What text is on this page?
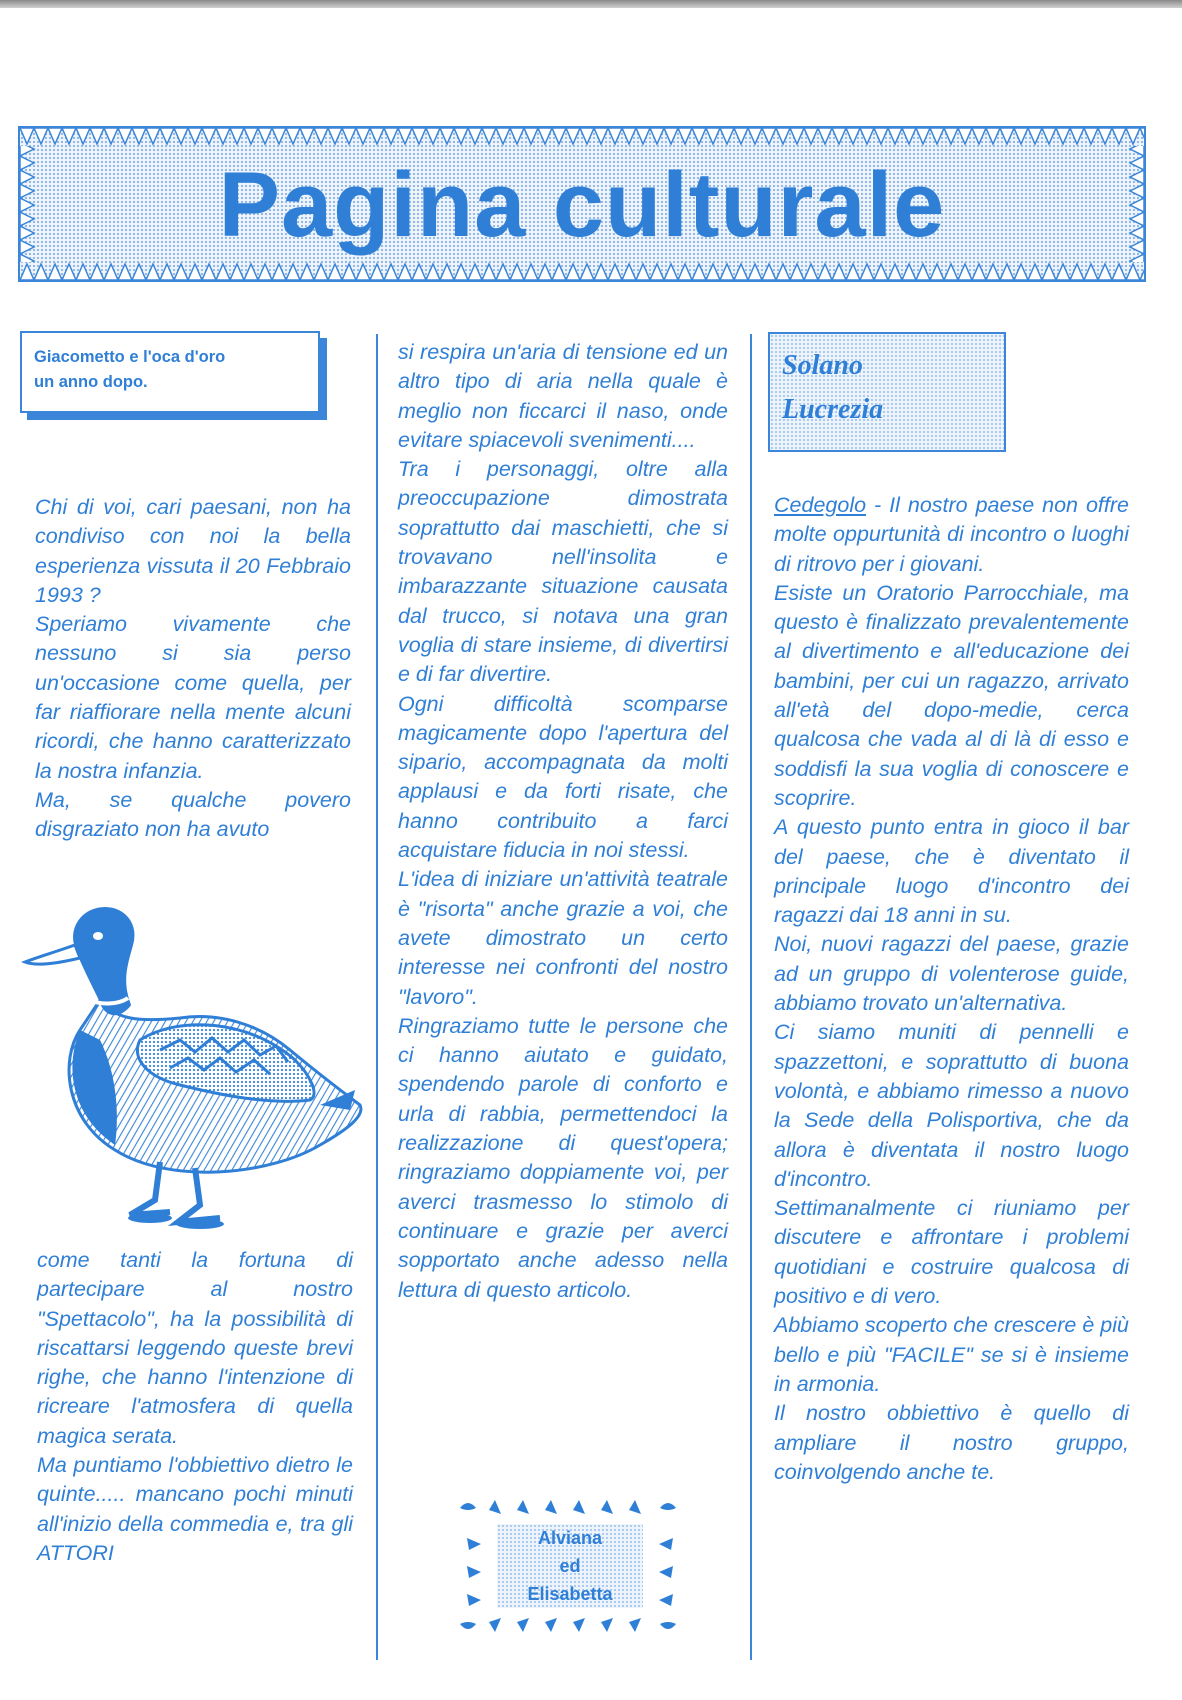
Pagina culturale
Giacometto e l'oca d'oro
un anno dopo.

Chi di voi, cari paesani, non ha condiviso con noi la bella esperienza vissuta il 20 Febbraio 1993 ?

Speriamo vivamente che nessuno si sia perso un'occasione come quella, per far riaffiorare nella mente alcuni ricordi, che hanno caratterizzato la nostra infanzia.

Ma, se qualche povero disgraziato non ha avuto

come tanti la fortuna di partecipare al nostro "Spettacolo", ha la possibilità di riscattarsi leggendo queste brevi righe, che hanno l'intenzione di ricreare l'atmosfera di quella magica serata.

Ma puntiamo l'obbiettivo dietro le quinte..... mancano pochi minuti all'inizio della commedia e, tra gli ATTORI

si respira un'aria di tensione ed un altro tipo di aria nella quale è meglio non ficcarci il naso, onde evitare spiacevoli svenimenti....

Tra i personaggi, oltre alla preoccupazione dimostrata soprattutto dai maschietti, che si trovavano nell'insolita e imbarazzante situazione causata dal trucco, si notava una gran voglia di stare insieme, di divertirsi e di far divertire.

Ogni difficoltà scomparse magicamente dopo l'apertura del sipario, accompagnata da molti applausi e da forti risate, che hanno contribuito a farci acquistare fiducia in noi stessi.

L'idea di iniziare un'attività teatrale è "risorta" anche grazie a voi, che avete dimostrato un certo interesse nei confronti del nostro "lavoro".

Ringraziamo tutte le persone che ci hanno aiutato e guidato, spendendo parole di conforto e urla di rabbia, permettendoci la realizzazione di quest'opera; ringraziamo doppiamente voi, per averci trasmesso lo stimolo di continuare e grazie per averci sopportato anche adesso nella lettura di questo articolo.

Alviana
ed
Elisabetta
Solano
Lucrezia

Cedegolo - Il nostro paese non offre molte oppurtunità di incontro o luoghi di ritrovo per i giovani.

Esiste un Oratorio Parrocchiale, ma questo è finalizzato prevalentemente al divertimento e all'educazione dei bambini, per cui un ragazzo, arrivato all'età del dopo-medie, cerca qualcosa che vada al di là di esso e soddisfi la sua voglia di conoscere e scoprire.

A questo punto entra in gioco il bar del paese, che è diventato il principale luogo d'incontro dei ragazzi dai 18 anni in su.

Noi, nuovi ragazzi del paese, grazie ad un gruppo di volenterose guide, abbiamo trovato un'alternativa.

Ci siamo muniti di pennelli e spazzettoni, e soprattutto di buona volontà, e abbiamo rimesso a nuovo la Sede della Polisportiva, che da allora è diventata il nostro luogo d'incontro.

Settimanalmente ci riuniamo per discutere e affrontare i problemi quotidiani e costruire qualcosa di positivo e di vero.

Abbiamo scoperto che crescere è più bello e più "FACILE" se si è insieme in armonia.

Il nostro obbiettivo è quello di ampliare il nostro gruppo, coinvolgendo anche te.
